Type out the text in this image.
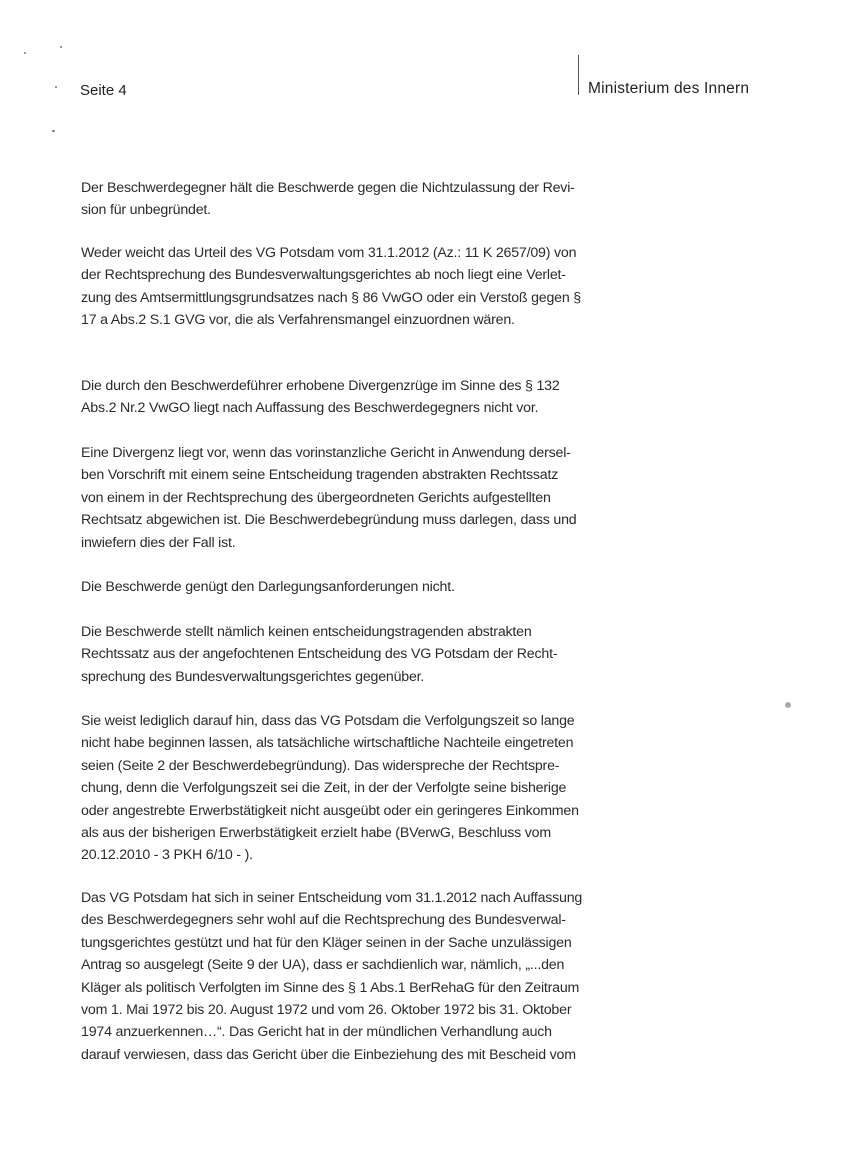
Seite 4	Ministerium des Innern
Der Beschwerdegegner hält die Beschwerde gegen die Nichtzulassung der Revi-
sion für unbegründet.
Weder weicht das Urteil des VG Potsdam vom 31.1.2012 (Az.: 11 K 2657/09) von
der Rechtsprechung des Bundesverwaltungsgerichtes ab noch liegt eine Verlet-
zung des Amtsermittlungsgrundsatzes nach § 86 VwGO oder ein Verstoß gegen §
17 a Abs.2 S.1 GVG vor, die als Verfahrensmangel einzuordnen wären.
Die durch den Beschwerdeführer erhobene Divergenzrüge im Sinne des § 132
Abs.2 Nr.2 VwGO liegt nach Auffassung des Beschwerdegegners nicht vor.
Eine Divergenz liegt vor, wenn das vorinstanzliche Gericht in Anwendung dersel-
ben Vorschrift mit einem seine Entscheidung tragenden abstrakten Rechtssatz
von einem in der Rechtsprechung des übergeordneten Gerichts aufgestellten
Rechtsatz abgewichen ist. Die Beschwerdebegründung muss darlegen, dass und
inwiefern dies der Fall ist.
Die Beschwerde genügt den Darlegungsanforderungen nicht.
Die Beschwerde stellt nämlich keinen entscheidungstragenden abstrakten
Rechtssatz aus der angefochtenen Entscheidung des VG Potsdam der Recht-
sprechung des Bundesverwaltungsgerichtes gegenüber.
Sie weist lediglich darauf hin, dass das VG Potsdam die Verfolgungszeit so lange
nicht habe beginnen lassen, als tatsächliche wirtschaftliche Nachteile eingetreten
seien (Seite 2 der Beschwerdebegründung). Das widerspreche der Rechtspre-
chung, denn die Verfolgungszeit sei die Zeit, in der der Verfolgte seine bisherige
oder angestrebte Erwerbstätigkeit nicht ausgeübt oder ein geringeres Einkommen
als aus der bisherigen Erwerbstätigkeit erzielt habe (BVerwG, Beschluss vom
20.12.2010 - 3 PKH 6/10 - ).
Das VG Potsdam hat sich in seiner Entscheidung vom 31.1.2012 nach Auffassung
des Beschwerdegegners sehr wohl auf die Rechtsprechung des Bundesverwal-
tungsgerichtes gestützt und hat für den Kläger seinen in der Sache unzulässigen
Antrag so ausgelegt (Seite 9 der UA), dass er sachdienlich war, nämlich, „...den
Kläger als politisch Verfolgten im Sinne des § 1 Abs.1 BerRehaG für den Zeitraum
vom 1. Mai 1972 bis 20. August 1972 und vom 26. Oktober 1972 bis 31. Oktober
1974 anzuerkennen…“. Das Gericht hat in der mündlichen Verhandlung auch
darauf verwiesen, dass das Gericht über die Einbeziehung des mit Bescheid vom
